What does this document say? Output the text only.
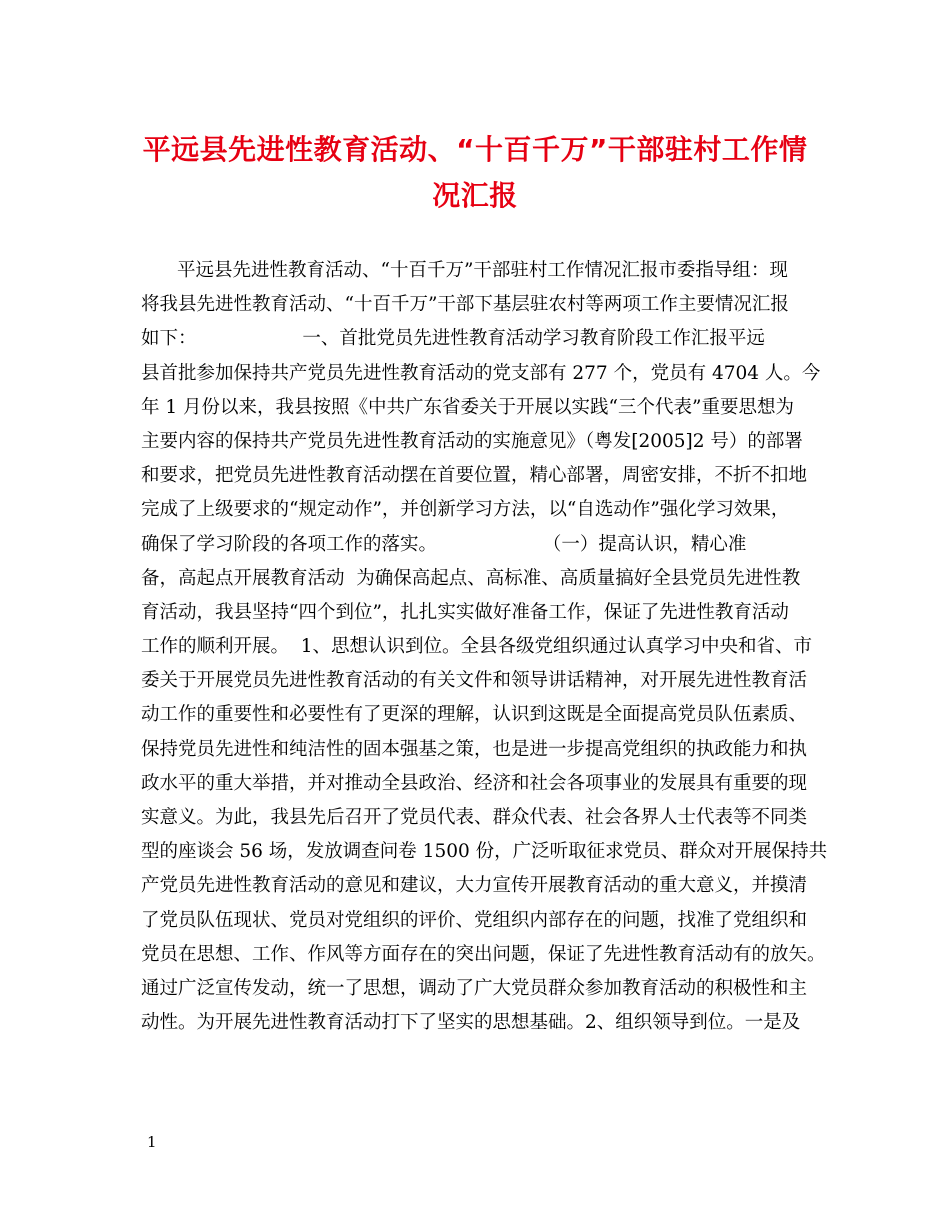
平远县先进性教育活动、“十百千万”干部驻村工作情
况汇报
平远县先进性教育活动、“十百千万”干部驻村工作情况汇报市委指导组：现
将我县先进性教育活动、“十百千万”干部下基层驻农村等两项工作主要情况汇报
如下：                  一、首批党员先进性教育活动学习教育阶段工作汇报平远
县首批参加保持共产党员先进性教育活动的党支部有 277 个，党员有 4704 人。今
年 1 月份以来，我县按照《中共广东省委关于开展以实践“三个代表”重要思想为
主要内容的保持共产党员先进性教育活动的实施意见》（粤发[2005]2 号）的部署
和要求，把党员先进性教育活动摆在首要位置，精心部署，周密安排，不折不扣地
完成了上级要求的“规定动作”，并创新学习方法，以“自选动作”强化学习效果，
确保了学习阶段的各项工作的落实。                  （一）提高认识，精心准
备，高起点开展教育活动  为确保高起点、高标准、高质量搞好全县党员先进性教
育活动，我县坚持“四个到位”，扎扎实实做好准备工作，保证了先进性教育活动
工作的顺利开展。  1、思想认识到位。全县各级党组织通过认真学习中央和省、市
委关于开展党员先进性教育活动的有关文件和领导讲话精神，对开展先进性教育活
动工作的重要性和必要性有了更深的理解，认识到这既是全面提高党员队伍素质、
保持党员先进性和纯洁性的固本强基之策，也是进一步提高党组织的执政能力和执
政水平的重大举措，并对推动全县政治、经济和社会各项事业的发展具有重要的现
实意义。为此，我县先后召开了党员代表、群众代表、社会各界人士代表等不同类
型的座谈会 56 场，发放调查问卷 1500 份，广泛听取征求党员、群众对开展保持共
产党员先进性教育活动的意见和建议，大力宣传开展教育活动的重大意义，并摸清
了党员队伍现状、党员对党组织的评价、党组织内部存在的问题，找准了党组织和
党员在思想、工作、作风等方面存在的突出问题，保证了先进性教育活动有的放矢。
通过广泛宣传发动，统一了思想，调动了广大党员群众参加教育活动的积极性和主
动性。为开展先进性教育活动打下了坚实的思想基础。2、组织领导到位。一是及
1
